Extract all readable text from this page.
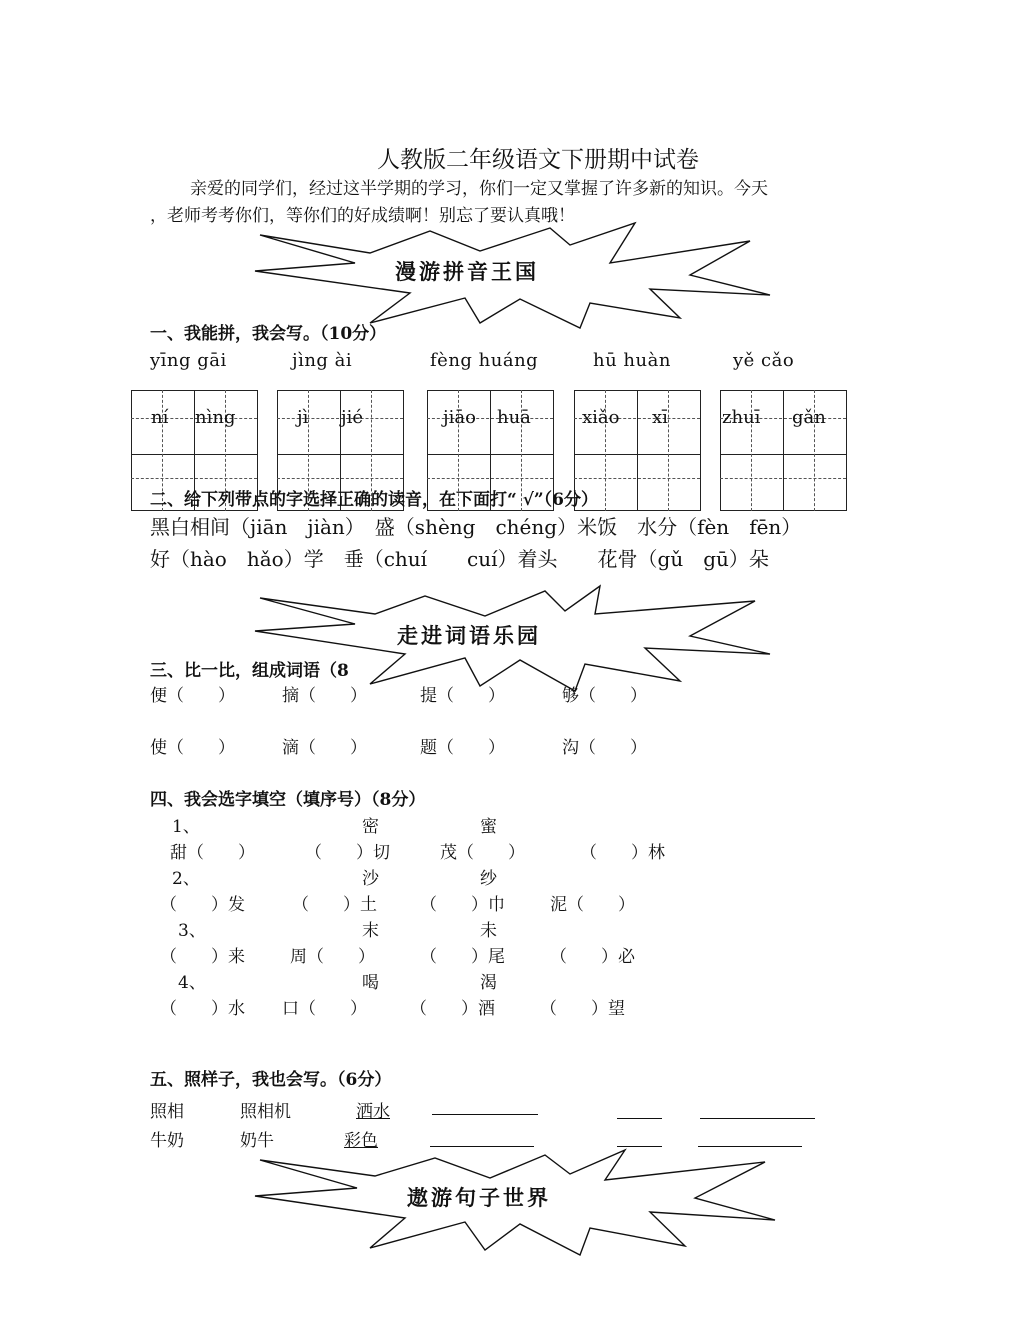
人教版二年级语文下册期中试卷
亲爱的同学们，经过这半学期的学习，你们一定又掌握了许多新的知识。今天
，老师考考你们，等你们的好成绩啊！别忘了要认真哦！
漫游拼音王国
一、我能拼，我会写。（10分）
yīng gāi	jìng ài	fèng huáng	hū huàn	yě cǎo
ní nìng	jì jié	jiāo huā	xiǎo xī	zhuī gǎn
二、给下列带点的字选择正确的读音，在下面打“ √”（6分）
黑白相间（jiān　jiàn）　盛（shèng　chéng）米饭　水分（fèn　fēn）
好（hào　hǎo）学　垂（chuí　　cuí）着头　　花骨（gǔ　gū）朵
走进词语乐园
三、比一比，组成词语（8
便（　　）	摘（　　）	提（　　）	够（　　）
使（　　）	滴（　　）	题（　　）	沟（　　）
四、我会选字填空（填序号）（8分）
1、	密	蜜
甜（　　）	（　　）切	茂（　　）	（　　）林
2、	沙	纱
（　　）发	（　　）土	（　　）巾	泥（　　）
3、	末	未
（　　）来	周（　　）	（　　）尾	（　　）必
4、	喝	渴
（　　）水 口（　　）	（　　）酒	（　　）望
五、照样子，我也会写。（6分）
照相	照相机	洒水
牛奶	奶牛	彩色
遨游句子世界
